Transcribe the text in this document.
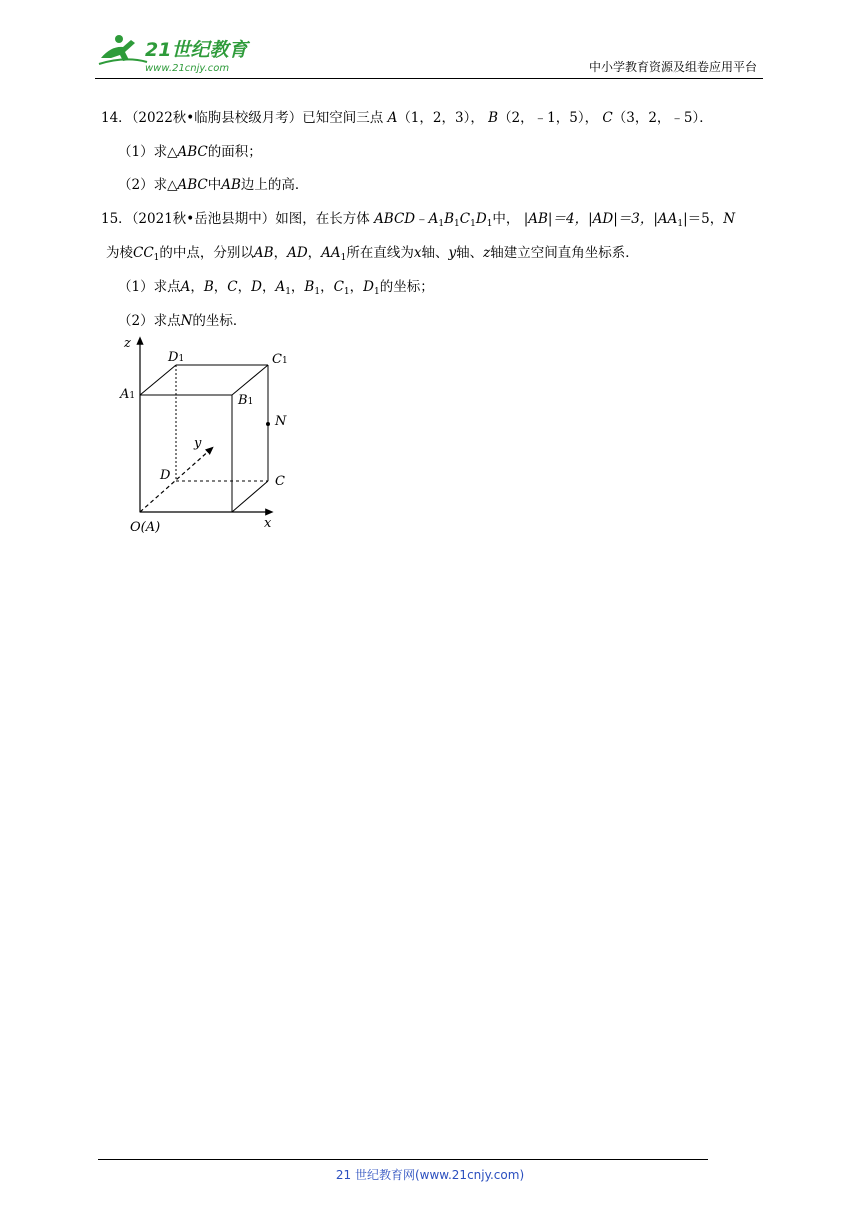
21世纪教育
www.21cnjy.com	中小学教育资源及组卷应用平台
14．（2022秋•临朐县校级月考）已知空间三点 A（1，2，3）， B（2，﹣1，5）， C（3，2，﹣5）．
（1）求△ABC的面积；
（2）求△ABC中AB边上的高．
15．（2021秋•岳池县期中）如图，在长方体 $ABCD﹣A_1B_1C_1D_1$中， |AB|＝4，|AD|＝3，$|AA_1|=5$，N
为棱$CC_1$的中点，分别以AB，AD，$AA_1$所在直线为x轴、y轴、z轴建立空间直角坐标系．
（1）求点A，B，C，D，$A_1$，$B_1$，$C_1$，$D_1$的坐标；
（2）求点N的坐标．
z
x
y
D1	C1
A1	B1
N
D	C
O(A)
21 世纪教育网(www.21cnjy.com)
